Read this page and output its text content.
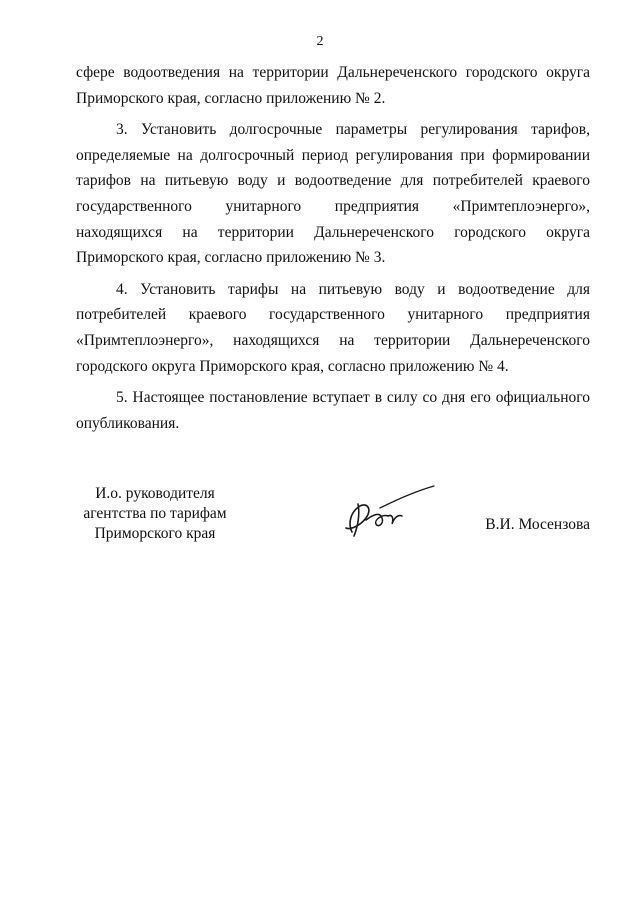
2

сфере водоотведения на территории Дальнереченского городского округа Приморского края, согласно приложению № 2.

3. Установить долгосрочные параметры регулирования тарифов, определяемые на долгосрочный период регулирования при формировании тарифов на питьевую воду и водоотведение для потребителей краевого государственного унитарного предприятия «Примтеплоэнерго», находящихся на территории Дальнереченского городского округа Приморского края, согласно приложению № 3.

4. Установить тарифы на питьевую воду и водоотведение для потребителей краевого государственного унитарного предприятия «Примтеплоэнерго», находящихся на территории Дальнереченского городского округа Приморского края, согласно приложению № 4.

5. Настоящее постановление вступает в силу со дня его официального опубликования.

И.о. руководителя
агентства по тарифам
Приморского края
В.И. Мосензова
